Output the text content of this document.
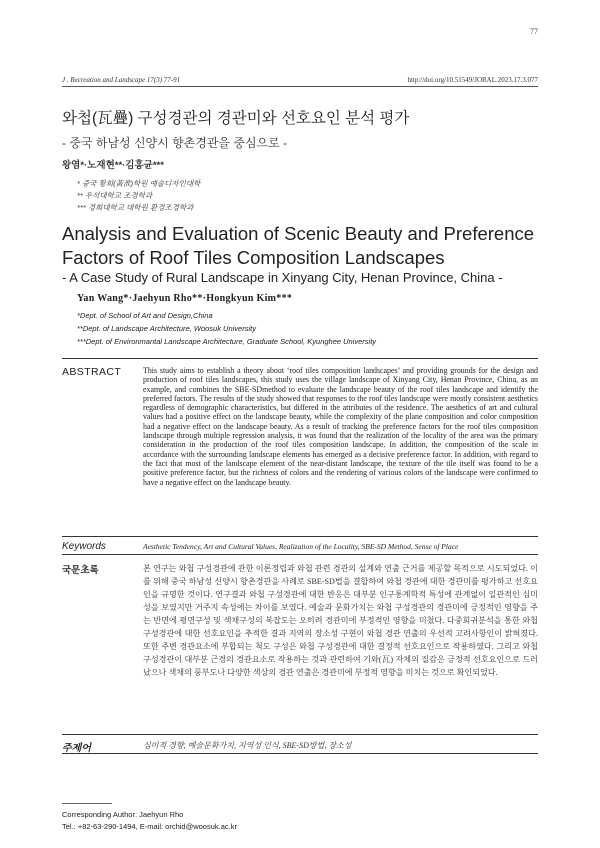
77
J . Recreation and Landscape 17(3) 77-91	http://doi.org/10.51549/JORAL.2023.17.3.077
와첩(瓦疊) 구성경관의 경관미와 선호요인 분석 평가
- 중국 하남성 신양시 향촌경관을 중심으로 -
왕염*·노재현**·김홍균***
* 중국 황회(黃淮)학원 예술디자인대학
** 우석대학교 조경학과
*** 경희대학교 대학원 환경조경학과
Analysis and Evaluation of Scenic Beauty and Preference Factors of Roof Tiles Composition Landscapes
- A Case Study of Rural Landscape in Xinyang City, Henan Province, China -
Yan Wang*·Jaehyun Rho**·Hongkyun Kim***
*Dept. of School of Art and Design,China
**Dept. of Landscape Architecture, Woosuk University
***Dept. of Environmantal Landscape Architecture, Graduate School, Kyunghee University
ABSTRACT	This study aims to establish a theory about ‘roof tiles composition landscapes’ and providing grounds for the design and production of roof tiles landscapes, this study uses the village landscape of Xinyang City, Henan Province, China, as an example, and combines the SBE-SDmethod to evaluate the landscape beauty of the roof tiles landscape and identify the preferred factors. The results of the study showed that responses to the roof tiles landscape were mostly consistent aesthetics regardless of demographic characteristics, but differed in the attributes of the residence. The aesthetics of art and cultural values had a positive effect on the landscape beauty, while the complexity of the plane composition and color composition had a negative effect on the landscape beauty. As a result of tracking the preference factors for the roof tiles composition landscape through multiple regression analysis, it was found that the realization of the locality of the area was the primary consideration in the production of the roof tiles composition landscape. In addition, the composition of the scale in accordance with the surrounding landscape elements has emerged as a decisive preference factor. In addition, with regard to the fact that most of the landscape element of the near-distant landscape, the texture of the tile itself was found to be a positive preference factor, but the richness of colors and the rendering of various colors of the landscape were confirmed to have a negative effect on the landscape beauty.
Keywords	Aesthetic Tendency, Art and Cultural Values, Realization of the Locality, SBE-SD Method, Sense of Place
국문초록	본 연구는 와첩 구성경관에 관한 이론정립과 와첩 관련 경관의 설계와 연출 근거를 제공할 목적으로 시도되었다. 이를 위해 중국 하남성 신양시 향촌경관을 사례로 SBE-SD법을 결합하여 와첩 경관에 대한 경관미를 평가하고 선호요인을 규명한 것이다. 연구결과 와첩 구성경관에 대한 반응은 대부분 인구통계학적 특성에 관계없이 일관적인 심미성을 보였지만 거주지 속성에는 차이를 보였다. 예술과 문화가치는 와첩 구성경관의 경관미에 긍정적인 영향을 주는 반면에 평면구성 및 색채구성의 복잡도는 오히려 경관미에 부정적인 영향을 미쳤다. 다중회귀분석을 통한 와첩 구성경관에 대한 선호요인을 추적한 결과 지역의 장소성 구현이 와첩 경관 연출의 우선적 고려사항인이 밝혀졌다. 또한 주변 경관요소에 부합되는 척도 구성은 와첩 구성경관에 대한 결정적 선호요인으로 작용하였다. 그리고 와첩 구성경관이 대부분 근경의 경관요소로 작용하는 것과 관련하여 기와(瓦) 자체의 질감은 긍정적 선호요인으로 드러났으나 색채의 풍부도나 다양한 색상의 경관 연출은 경관미에 부정적 영향을 미치는 것으로 확인되었다.
주제어	심미적 경향, 예술문화가치, 지역성 인식, SBE-SD방법, 장소성
Corresponding Author: Jaehyun Rho
Tel.: +82-63-290-1494, E-mail: orchid@woosuk.ac.kr
